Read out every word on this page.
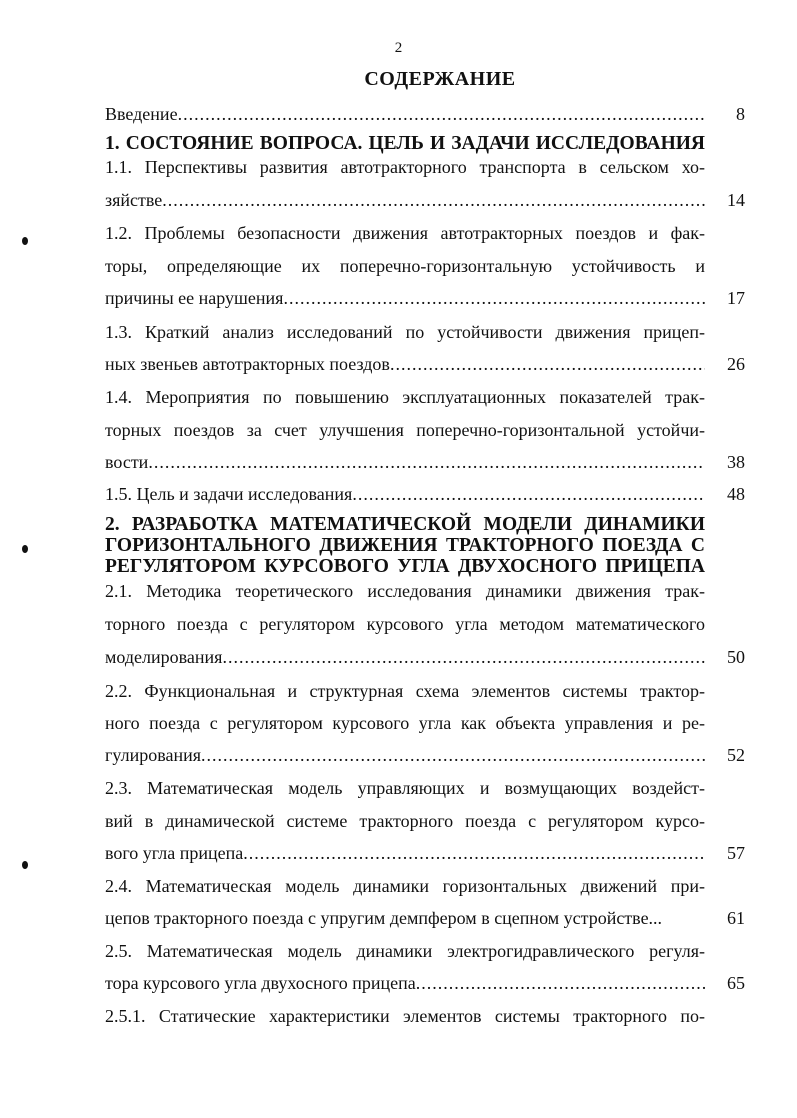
2
СОДЕРЖАНИЕ
Введение .....	8
1. СОСТОЯНИЕ ВОПРОСА. ЦЕЛЬ И ЗАДАЧИ ИССЛЕДОВАНИЯ
1.1. Перспективы развития автотракторного транспорта в сельском хо-
зяйстве .....	14
1.2. Проблемы безопасности движения автотракторных поездов и фак-
торы, определяющие их поперечно-горизонтальную устойчивость и
причины ее нарушения .....	17
1.3. Краткий анализ исследований по устойчивости движения прицеп-
ных звеньев автотракторных поездов .....	26
1.4. Мероприятия по повышению эксплуатационных показателей трак-
торных поездов за счет улучшения поперечно-горизонтальной устойчи-
вости .....	38
1.5. Цель и задачи исследования .....	48
2. РАЗРАБОТКА МАТЕМАТИЧЕСКОЙ МОДЕЛИ ДИНАМИКИ
ГОРИЗОНТАЛЬНОГО ДВИЖЕНИЯ ТРАКТОРНОГО ПОЕЗДА С
РЕГУЛЯТОРОМ КУРСОВОГО УГЛА ДВУХОСНОГО ПРИЦЕПА
2.1. Методика теоретического исследования динамики движения трак-
торного поезда с регулятором курсового угла методом математического
моделирования .....	50
2.2. Функциональная и структурная схема элементов системы трактор-
ного поезда с регулятором курсового угла как объекта управления и ре-
гулирования .....	52
2.3. Математическая модель управляющих и возмущающих воздейст-
вий в динамической системе тракторного поезда с регулятором курсо-
вого угла прицепа .....	57
2.4. Математическая модель динамики горизонтальных движений при-
цепов тракторного поезда с упругим демпфером в сцепном устройстве...	61
2.5. Математическая модель динамики электрогидравлического регуля-
тора курсового угла двухосного прицепа .....	65
2.5.1. Статические характеристики элементов системы тракторного по-
